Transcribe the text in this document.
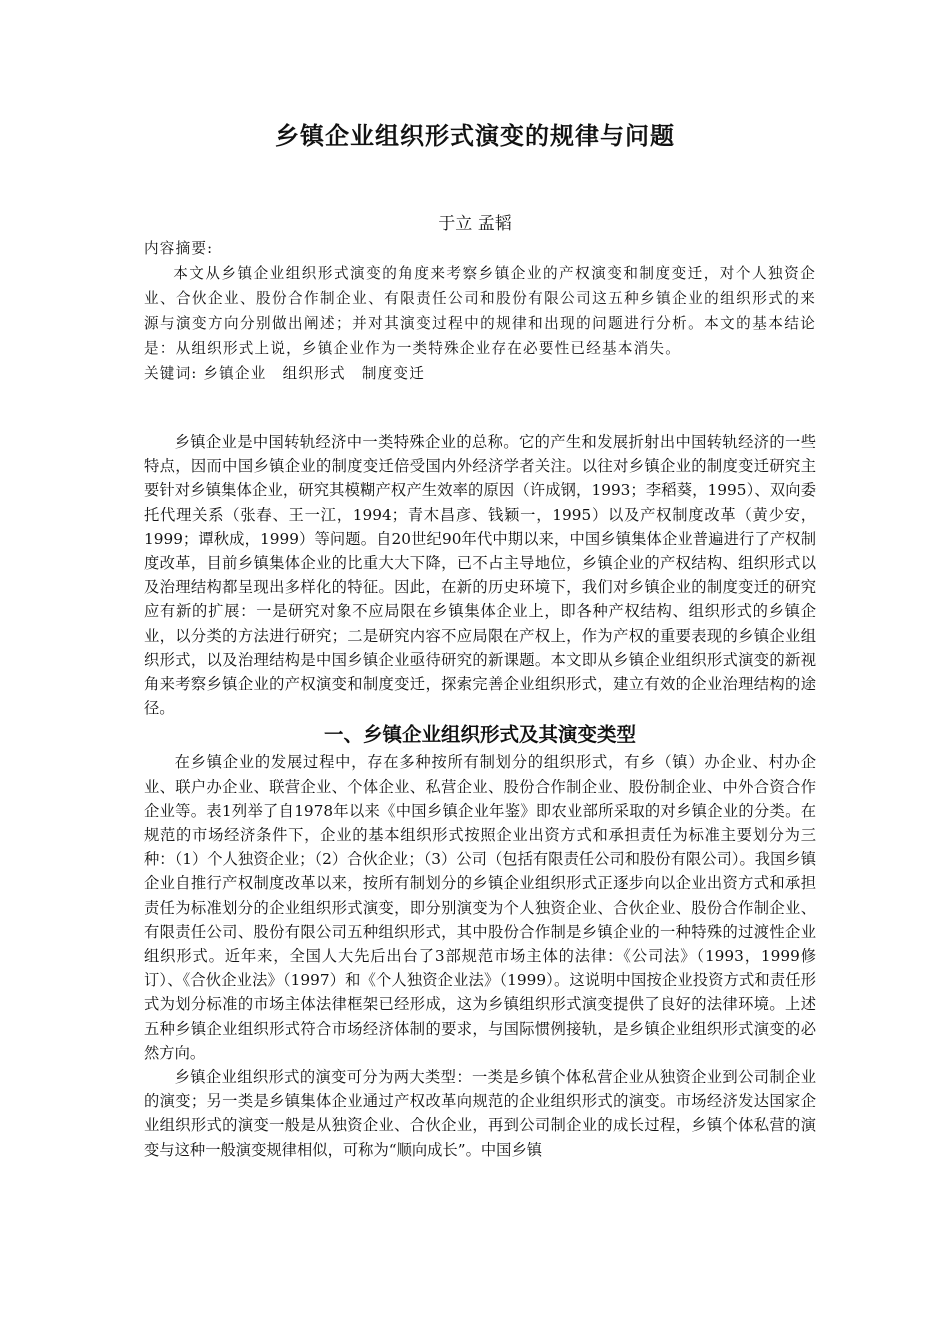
乡镇企业组织形式演变的规律与问题
于立 孟韬

内容摘要:

本文从乡镇企业组织形式演变的角度来考察乡镇企业的产权演变和制度变迁，对个人独资企业、合伙企业、股份合作制企业、有限责任公司和股份有限公司这五种乡镇企业的组织形式的来源与演变方向分别做出阐述；并对其演变过程中的规律和出现的问题进行分析。本文的基本结论是：从组织形式上说，乡镇企业作为一类特殊企业存在必要性已经基本消失。

关键词: 乡镇企业 组织形式 制度变迁

乡镇企业是中国转轨经济中一类特殊企业的总称。它的产生和发展折射出中国转轨经济的一些特点，因而中国乡镇企业的制度变迁倍受国内外经济学者关注。以往对乡镇企业的制度变迁研究主要针对乡镇集体企业，研究其模糊产权产生效率的原因（许成钢，1993；李稻葵，1995）、双向委托代理关系（张春、王一江，1994；青木昌彦、钱颖一，1995）以及产权制度改革（黄少安，1999；谭秋成，1999）等问题。自20世纪90年代中期以来，中国乡镇集体企业普遍进行了产权制度改革，目前乡镇集体企业的比重大大下降，已不占主导地位，乡镇企业的产权结构、组织形式以及治理结构都呈现出多样化的特征。因此，在新的历史环境下，我们对乡镇企业的制度变迁的研究应有新的扩展：一是研究对象不应局限在乡镇集体企业上，即各种产权结构、组织形式的乡镇企业，以分类的方法进行研究；二是研究内容不应局限在产权上，作为产权的重要表现的乡镇企业组织形式，以及治理结构是中国乡镇企业亟待研究的新课题。本文即从乡镇企业组织形式演变的新视角来考察乡镇企业的产权演变和制度变迁，探索完善企业组织形式，建立有效的企业治理结构的途径。

一、乡镇企业组织形式及其演变类型

在乡镇企业的发展过程中，存在多种按所有制划分的组织形式，有乡（镇）办企业、村办企业、联户办企业、联营企业、个体企业、私营企业、股份合作制企业、股份制企业、中外合资合作企业等。表1列举了自1978年以来《中国乡镇企业年鉴》即农业部所采取的对乡镇企业的分类。在规范的市场经济条件下，企业的基本组织形式按照企业出资方式和承担责任为标准主要划分为三种：（1）个人独资企业；（2）合伙企业；（3）公司（包括有限责任公司和股份有限公司）。我国乡镇企业自推行产权制度改革以来，按所有制划分的乡镇企业组织形式正逐步向以企业出资方式和承担责任为标准划分的企业组织形式演变，即分别演变为个人独资企业、合伙企业、股份合作制企业、有限责任公司、股份有限公司五种组织形式，其中股份合作制是乡镇企业的一种特殊的过渡性企业组织形式。近年来，全国人大先后出台了3部规范市场主体的法律：《公司法》（1993，1999修订）、《合伙企业法》（1997）和《个人独资企业法》（1999）。这说明中国按企业投资方式和责任形式为划分标准的市场主体法律框架已经形成，这为乡镇组织形式演变提供了良好的法律环境。上述五种乡镇企业组织形式符合市场经济体制的要求，与国际惯例接轨，是乡镇企业组织形式演变的必然方向。

乡镇企业组织形式的演变可分为两大类型：一类是乡镇个体私营企业从独资企业到公司制企业的演变；另一类是乡镇集体企业通过产权改革向规范的企业组织形式的演变。市场经济发达国家企业组织形式的演变一般是从独资企业、合伙企业，再到公司制企业的成长过程，乡镇个体私营的演变与这种一般演变规律相似，可称为“顺向成长”。中国乡镇
